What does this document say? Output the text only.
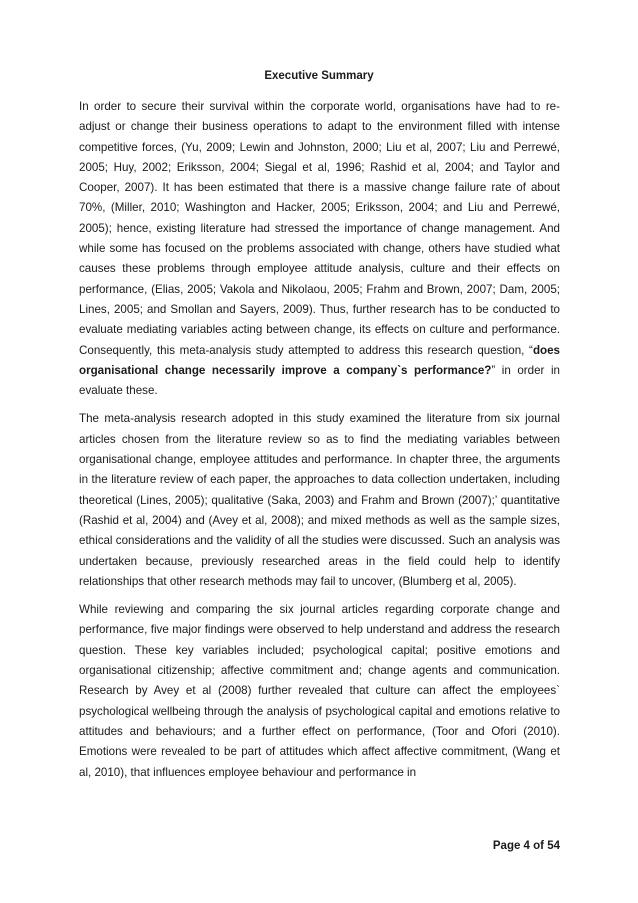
Executive Summary

In order to secure their survival within the corporate world, organisations have had to re-adjust or change their business operations to adapt to the environment filled with intense competitive forces, (Yu, 2009; Lewin and Johnston, 2000; Liu et al, 2007; Liu and Perrewé, 2005; Huy, 2002; Eriksson, 2004; Siegal et al, 1996; Rashid et al, 2004; and Taylor and Cooper, 2007). It has been estimated that there is a massive change failure rate of about 70%, (Miller, 2010; Washington and Hacker, 2005; Eriksson, 2004; and Liu and Perrewé, 2005); hence, existing literature had stressed the importance of change management. And while some has focused on the problems associated with change, others have studied what causes these problems through employee attitude analysis, culture and their effects on performance, (Elias, 2005; Vakola and Nikolaou, 2005; Frahm and Brown, 2007; Dam, 2005; Lines, 2005; and Smollan and Sayers, 2009). Thus, further research has to be conducted to evaluate mediating variables acting between change, its effects on culture and performance. Consequently, this meta-analysis study attempted to address this research question, “does organisational change necessarily improve a company`s performance?” in order in evaluate these.

The meta-analysis research adopted in this study examined the literature from six journal articles chosen from the literature review so as to find the mediating variables between organisational change, employee attitudes and performance. In chapter three, the arguments in the literature review of each paper, the approaches to data collection undertaken, including theoretical (Lines, 2005); qualitative (Saka, 2003) and Frahm and Brown (2007);’ quantitative (Rashid et al, 2004) and (Avey et al, 2008); and mixed methods as well as the sample sizes, ethical considerations and the validity of all the studies were discussed. Such an analysis was undertaken because, previously researched areas in the field could help to identify relationships that other research methods may fail to uncover, (Blumberg et al, 2005).

While reviewing and comparing the six journal articles regarding corporate change and performance, five major findings were observed to help understand and address the research question. These key variables included; psychological capital; positive emotions and organisational citizenship; affective commitment and; change agents and communication. Research by Avey et al (2008) further revealed that culture can affect the employees` psychological wellbeing through the analysis of psychological capital and emotions relative to attitudes and behaviours; and a further effect on performance, (Toor and Ofori (2010). Emotions were revealed to be part of attitudes which affect affective commitment, (Wang et al, 2010), that influences employee behaviour and performance in

Page 4 of 54
